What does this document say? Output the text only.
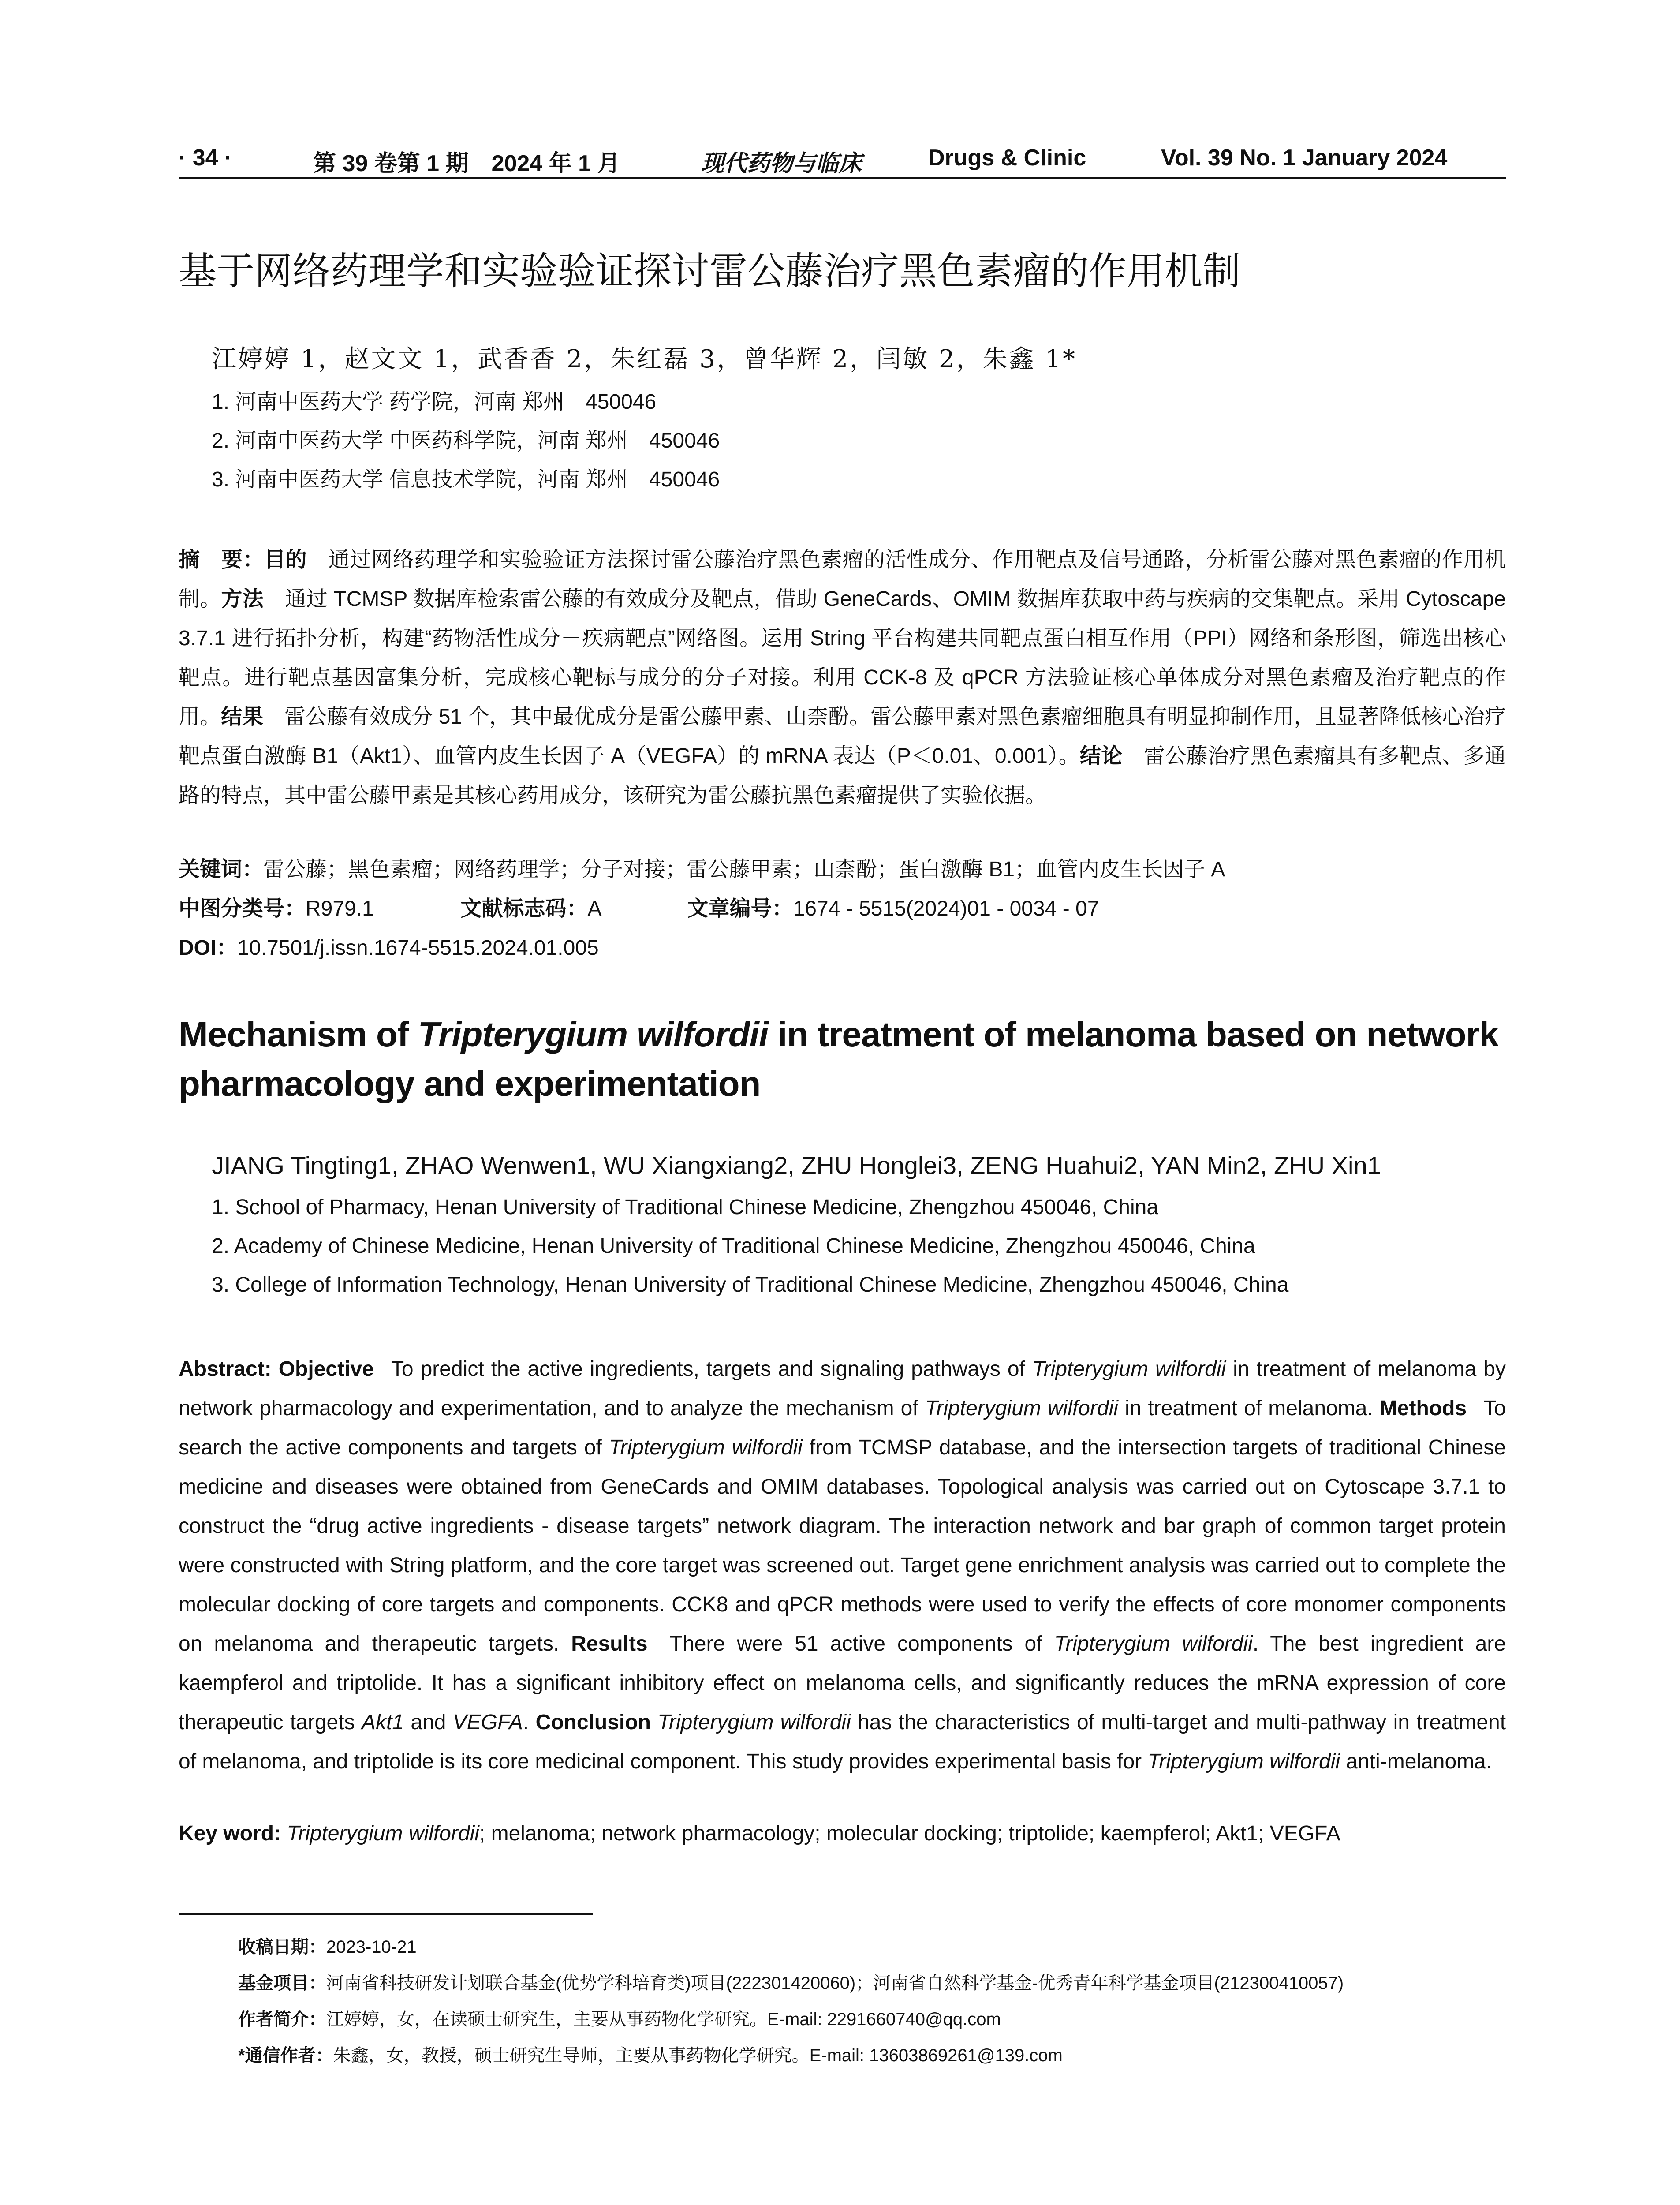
· 34 ·	第 39 卷第 1 期　2024 年 1 月	现代药物与临床	Drugs & Clinic	Vol. 39 No. 1 January 2024
基于网络药理学和实验验证探讨雷公藤治疗黑色素瘤的作用机制
江婷婷 1，赵文文 1，武香香 2，朱红磊 3，曾华辉 2，闫敏 2，朱鑫 1*
1. 河南中医药大学 药学院，河南 郑州　450046
2. 河南中医药大学 中医药科学院，河南 郑州　450046
3. 河南中医药大学 信息技术学院，河南 郑州　450046
摘　要：目的  通过网络药理学和实验验证方法探讨雷公藤治疗黑色素瘤的活性成分、作用靶点及信号通路，分析雷公藤对黑色素瘤的作用机制。方法  通过 TCMSP 数据库检索雷公藤的有效成分及靶点，借助 GeneCards、OMIM 数据库获取中药与疾病的交集靶点。采用 Cytoscape 3.7.1 进行拓扑分析，构建“药物活性成分－疾病靶点”网络图。运用 String 平台构建共同靶点蛋白相互作用（PPI）网络和条形图，筛选出核心靶点。进行靶点基因富集分析，完成核心靶标与成分的分子对接。利用 CCK-8 及 qPCR 方法验证核心单体成分对黑色素瘤及治疗靶点的作用。结果  雷公藤有效成分 51 个，其中最优成分是雷公藤甲素、山柰酚。雷公藤甲素对黑色素瘤细胞具有明显抑制作用，且显著降低核心治疗靶点蛋白激酶 B1（Akt1）、血管内皮生长因子 A（VEGFA）的 mRNA 表达（P＜0.01、0.001）。结论  雷公藤治疗黑色素瘤具有多靶点、多通路的特点，其中雷公藤甲素是其核心药用成分，该研究为雷公藤抗黑色素瘤提供了实验依据。
关键词：雷公藤；黑色素瘤；网络药理学；分子对接；雷公藤甲素；山柰酚；蛋白激酶 B1；血管内皮生长因子 A
中图分类号：R979.1	文献标志码：A	文章编号：1674 - 5515(2024)01 - 0034 - 07
DOI：10.7501/j.issn.1674-5515.2024.01.005
Mechanism of Tripterygium wilfordii in treatment of melanoma based on network pharmacology and experimentation
JIANG Tingting1, ZHAO Wenwen1, WU Xiangxiang2, ZHU Honglei3, ZENG Huahui2, YAN Min2, ZHU Xin1
1. School of Pharmacy, Henan University of Traditional Chinese Medicine, Zhengzhou 450046, China
2. Academy of Chinese Medicine, Henan University of Traditional Chinese Medicine, Zhengzhou 450046, China
3. College of Information Technology, Henan University of Traditional Chinese Medicine, Zhengzhou 450046, China
Abstract: Objective  To predict the active ingredients, targets and signaling pathways of Tripterygium wilfordii in treatment of melanoma by network pharmacology and experimentation, and to analyze the mechanism of Tripterygium wilfordii in treatment of melanoma. Methods  To search the active components and targets of Tripterygium wilfordii from TCMSP database, and the intersection targets of traditional Chinese medicine and diseases were obtained from GeneCards and OMIM databases. Topological analysis was carried out on Cytoscape 3.7.1 to construct the “drug active ingredients - disease targets” network diagram. The interaction network and bar graph of common target protein were constructed with String platform, and the core target was screened out. Target gene enrichment analysis was carried out to complete the molecular docking of core targets and components. CCK8 and qPCR methods were used to verify the effects of core monomer components on melanoma and therapeutic targets. Results  There were 51 active components of Tripterygium wilfordii. The best ingredient are kaempferol and triptolide. It has a significant inhibitory effect on melanoma cells, and significantly reduces the mRNA expression of core therapeutic targets Akt1 and VEGFA. Conclusion Tripterygium wilfordii has the characteristics of multi-target and multi-pathway in treatment of melanoma, and triptolide is its core medicinal component. This study provides experimental basis for Tripterygium wilfordii anti-melanoma.
Key word: Tripterygium wilfordii; melanoma; network pharmacology; molecular docking; triptolide; kaempferol; Akt1; VEGFA
收稿日期：2023-10-21
基金项目：河南省科技研发计划联合基金(优势学科培育类)项目(222301420060)；河南省自然科学基金-优秀青年科学基金项目(212300410057)
作者简介：江婷婷，女，在读硕士研究生，主要从事药物化学研究。E-mail: 2291660740@qq.com
*通信作者：朱鑫，女，教授，硕士研究生导师，主要从事药物化学研究。E-mail: 13603869261@139.com
